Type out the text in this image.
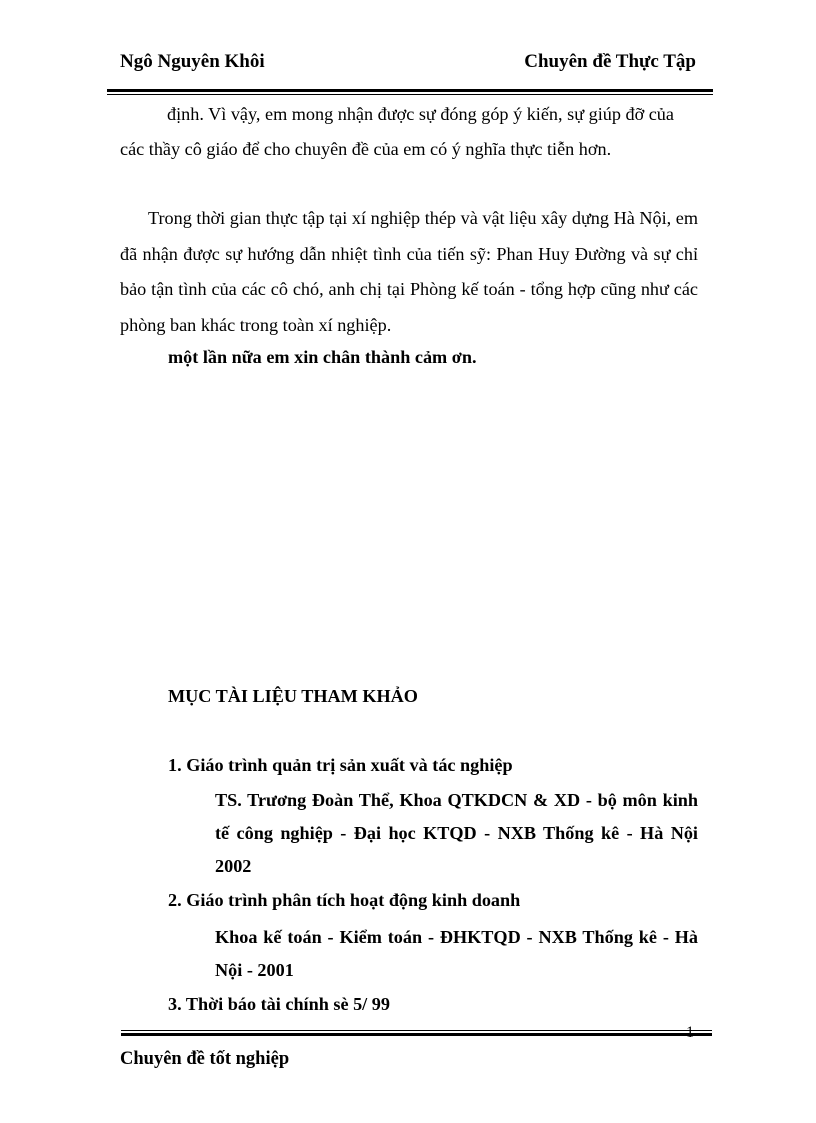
Ngô Nguyên Khôi	Chuyên đề Thực Tập
định. Vì vậy, em mong nhận được sự đóng góp ý kiến, sự giúp đỡ của
các thầy cô giáo để cho chuyên đề của em có ý nghĩa thực tiễn hơn.
Trong thời gian thực tập tại xí nghiệp thép và vật liệu xây dựng Hà Nội, em đã nhận được sự hướng dẫn nhiệt tình của tiến sỹ: Phan Huy Đường và sự chỉ bảo tận tình của các cô chó, anh chị tại Phòng kế toán - tổng hợp cũng như các phòng ban khác trong toàn xí nghiệp.
một lần nữa em xin chân thành cảm ơn.
MỤC TÀI LIỆU THAM KHẢO
1. Giáo trình quản trị sản xuất và tác nghiệp
TS. Trương Đoàn Thể, Khoa QTKDCN & XD - bộ môn kinh tế công nghiệp - Đại học KTQD - NXB Thống kê - Hà Nội 2002
2. Giáo trình phân tích hoạt động kinh doanh
Khoa kế toán - Kiểm toán - ĐHKTQD - NXB Thống kê - Hà Nội - 2001
3. Thời báo tài chính sè 5/ 99
1
Chuyên đề tốt nghiệp
